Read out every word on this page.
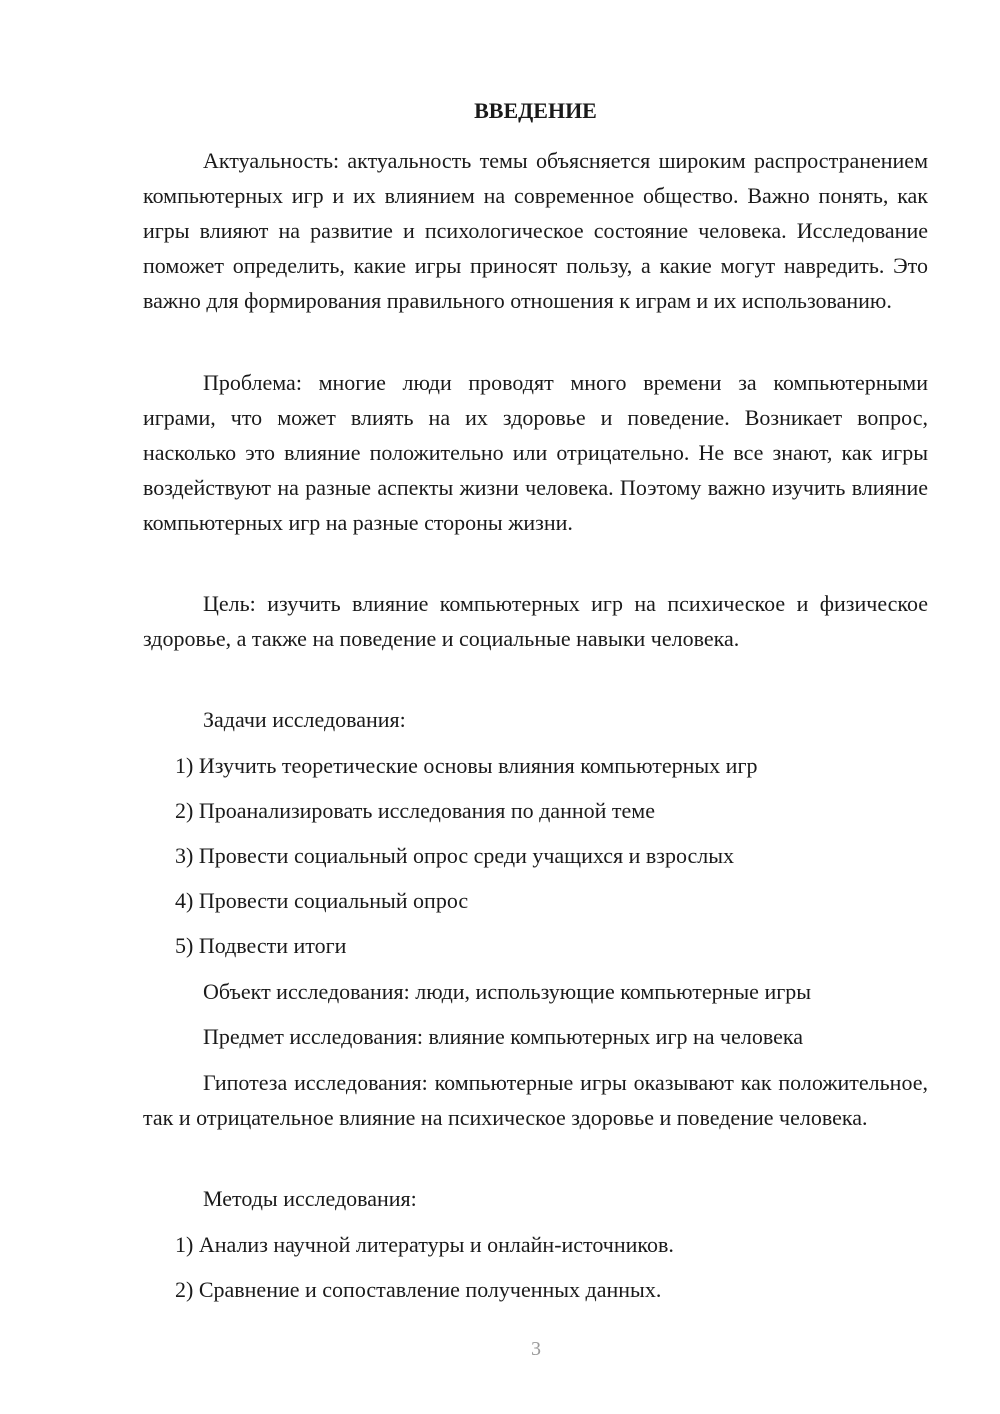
ВВЕДЕНИЕ

Актуальность: актуальность темы объясняется широким распространением компьютерных игр и их влиянием на современное общество. Важно понять, как игры влияют на развитие и психологическое состояние человека. Исследование поможет определить, какие игры приносят пользу, а какие могут навредить. Это важно для формирования правильного отношения к играм и их использованию.

Проблема: многие люди проводят много времени за компьютерными играми, что может влиять на их здоровье и поведение. Возникает вопрос, насколько это влияние положительно или отрицательно. Не все знают, как игры воздействуют на разные аспекты жизни человека. Поэтому важно изучить влияние компьютерных игр на разные стороны жизни.

Цель: изучить влияние компьютерных игр на психическое и физическое здоровье, а также на поведение и социальные навыки человека.

Задачи исследования:
1) Изучить теоретические основы влияния компьютерных игр
2) Проанализировать исследования по данной теме
3) Провести социальный опрос среди учащихся и взрослых
4) Провести социальный опрос
5) Подвести итоги
Объект исследования: люди, использующие компьютерные игры
Предмет исследования: влияние компьютерных игр на человека

Гипотеза исследования: компьютерные игры оказывают как положительное, так и отрицательное влияние на психическое здоровье и поведение человека.

Методы исследования:
1) Анализ научной литературы и онлайн-источников.
2) Сравнение и сопоставление полученных данных.
3
